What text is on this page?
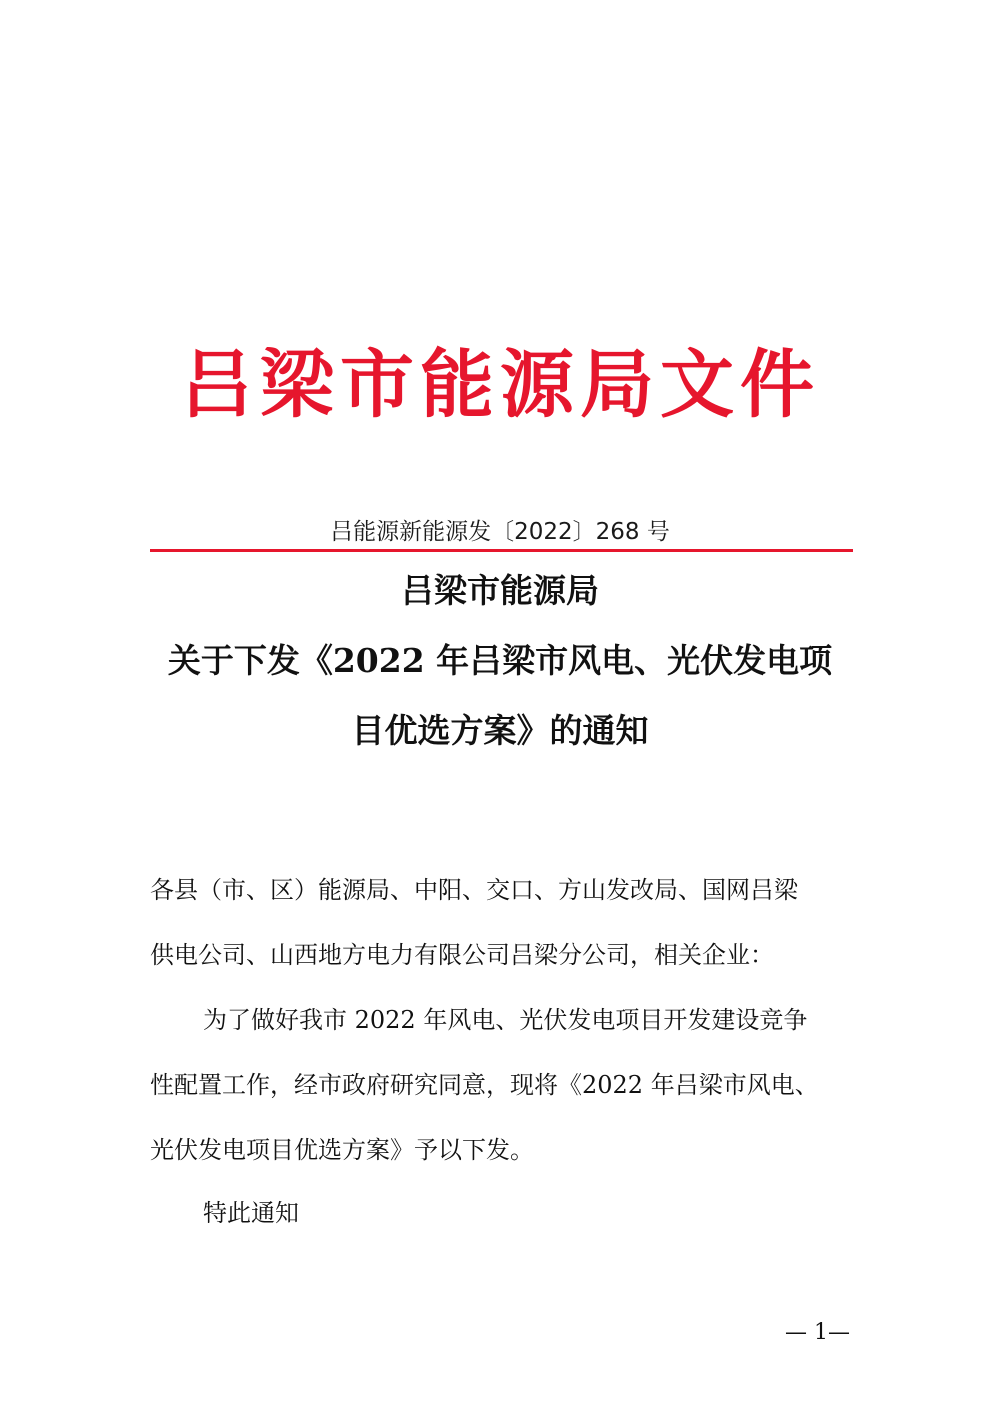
吕梁市能源局文件
吕能源新能源发〔2022〕268 号
吕梁市能源局
关于下发《2022 年吕梁市风电、光伏发电项
目优选方案》的通知
各县（市、区）能源局、中阳、交口、方山发改局、国网吕梁
供电公司、山西地方电力有限公司吕梁分公司，相关企业：
为了做好我市 2022 年风电、光伏发电项目开发建设竞争
性配置工作，经市政府研究同意，现将《2022 年吕梁市风电、
光伏发电项目优选方案》予以下发。
特此通知
— 1—
